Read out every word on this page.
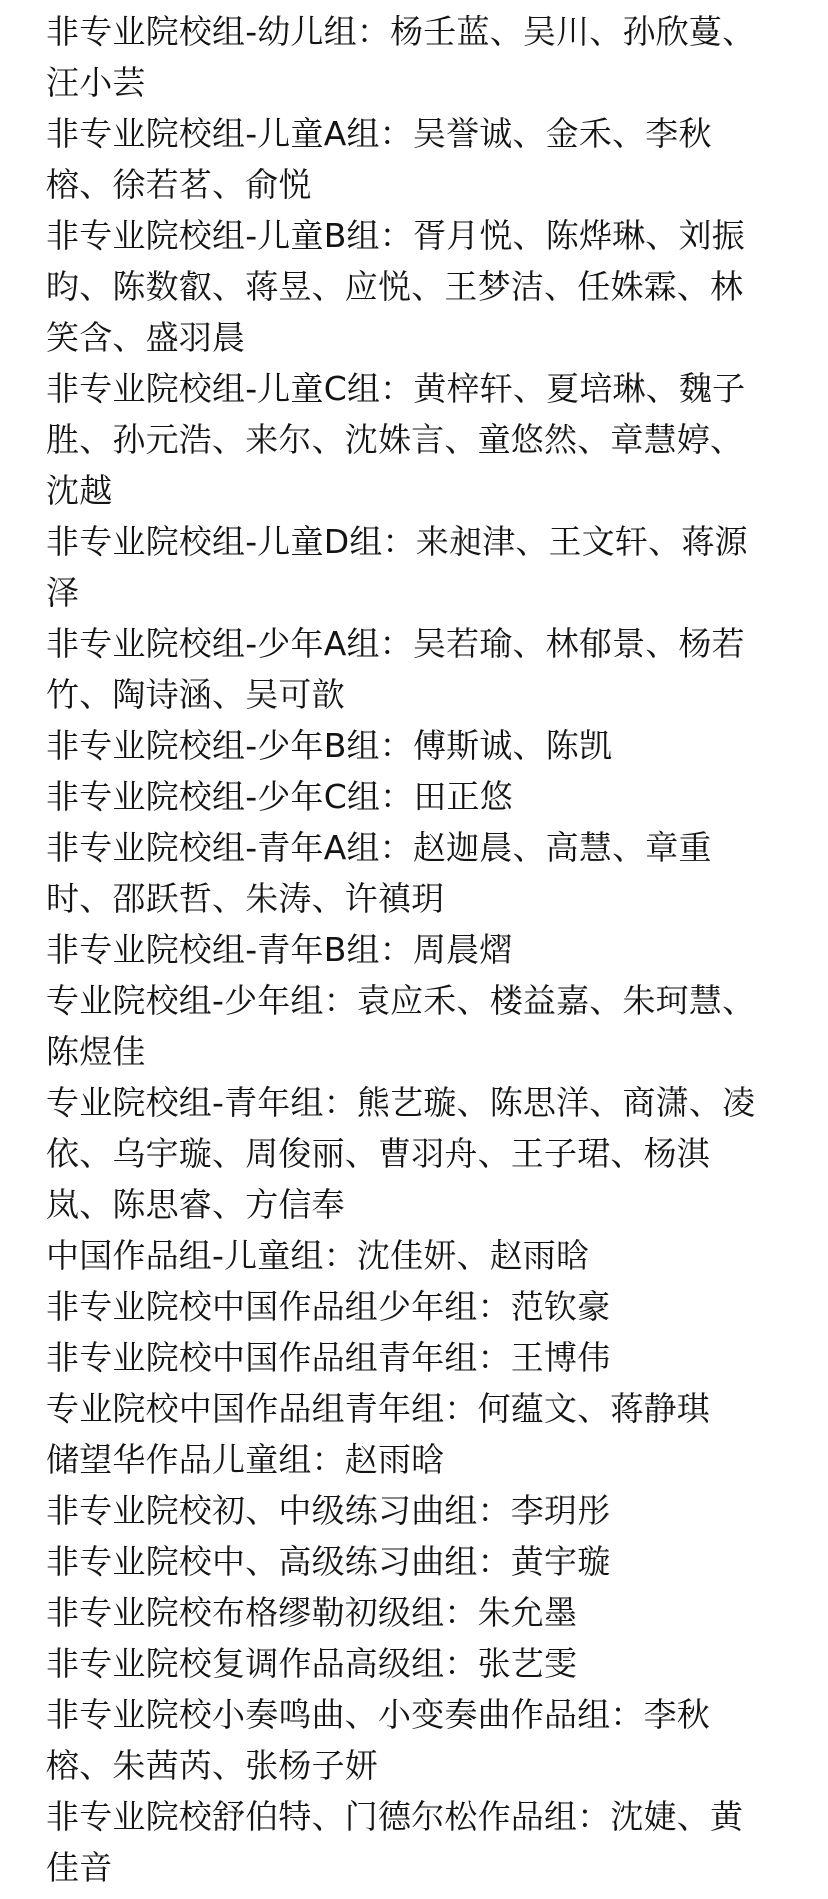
非专业院校组-幼儿组：杨壬蓝、吴川、孙欣蔓、汪小芸

非专业院校组-儿童A组：吴誉诚、金禾、李秋榕、徐若茗、俞悦

非专业院校组-儿童B组：胥月悦、陈烨琳、刘振昀、陈数叡、蒋昱、应悦、王梦洁、任姝霖、林笑含、盛羽晨

非专业院校组-儿童C组：黄梓轩、夏培琳、魏子胜、孙元浩、来尔、沈姝言、童悠然、章慧婷、沈越

非专业院校组-儿童D组：来昶津、王文轩、蒋源泽

非专业院校组-少年A组：吴若瑜、林郁景、杨若竹、陶诗涵、吴可歆

非专业院校组-少年B组：傅斯诚、陈凯

非专业院校组-少年C组：田正悠

非专业院校组-青年A组：赵迦晨、高慧、章重时、邵跃哲、朱涛、许禛玥

非专业院校组-青年B组：周晨熠

专业院校组-少年组：袁应禾、楼益嘉、朱珂慧、陈煜佳

专业院校组-青年组：熊艺璇、陈思洋、商潇、凌依、乌宇璇、周俊丽、曹羽舟、王子珺、杨淇岚、陈思睿、方信奉

中国作品组-儿童组：沈佳妍、赵雨晗

非专业院校中国作品组少年组：范钦豪

非专业院校中国作品组青年组：王博伟

专业院校中国作品组青年组：何蕴文、蒋静琪

储望华作品儿童组：赵雨晗

非专业院校初、中级练习曲组：李玥彤

非专业院校中、高级练习曲组：黄宇璇

非专业院校布格缪勒初级组：朱允墨

非专业院校复调作品高级组：张艺雯

非专业院校小奏鸣曲、小变奏曲作品组：李秋榕、朱茜芮、张杨子妍

非专业院校舒伯特、门德尔松作品组：沈婕、黄佳音
